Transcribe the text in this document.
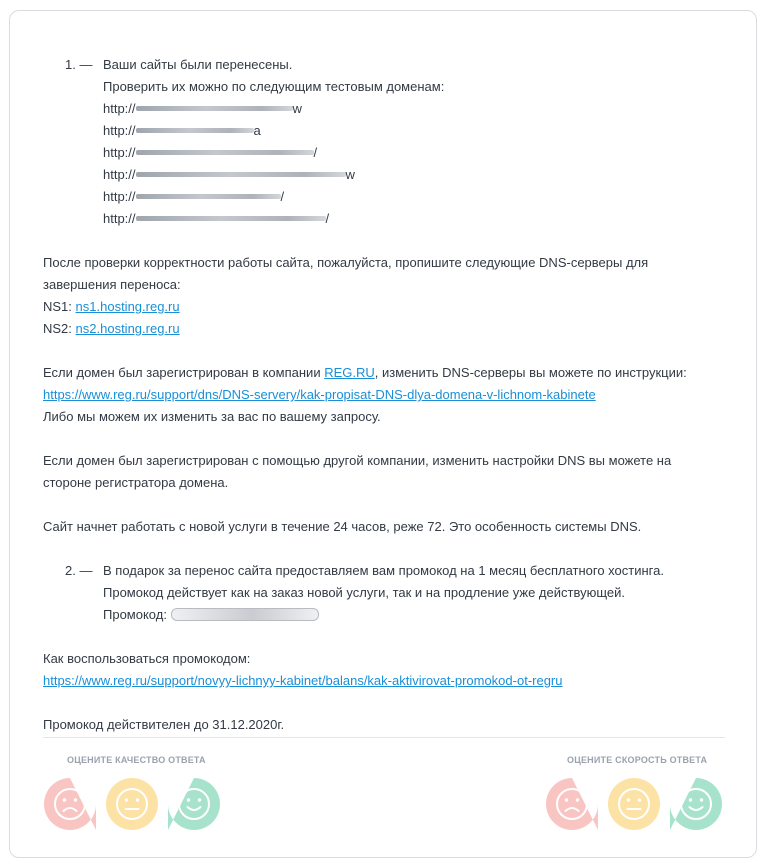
1. — Ваши сайты были перенесены.
Проверить их можно по следующим тестовым доменам:
http://	w
http://	a
http://	/
http://	w
http://	/
http://	/
После проверки корректности работы сайта, пожалуйста, пропишите следующие DNS-серверы для
завершения переноса:
NS1: ns1.hosting.reg.ru
NS2: ns2.hosting.reg.ru
Если домен был зарегистрирован в компании REG.RU, изменить DNS-серверы вы можете по инструкции:
https://www.reg.ru/support/dns/DNS-servery/kak-propisat-DNS-dlya-domena-v-lichnom-kabinete
Либо мы можем их изменить за вас по вашему запросу.
Если домен был зарегистрирован с помощью другой компании, изменить настройки DNS вы можете на
стороне регистратора домена.
Сайт начнет работать с новой услуги в течение 24 часов, реже 72. Это особенность системы DNS.
2. — В подарок за перенос сайта предоставляем вам промокод на 1 месяц бесплатного хостинга.
Промокод действует как на заказ новой услуги, так и на продление уже действующей.
Промокод:
Как воспользоваться промокодом:
https://www.reg.ru/support/novyy-lichnyy-kabinet/balans/kak-aktivirovat-promokod-ot-regru
Промокод действителен до 31.12.2020г.
ОЦЕНИТЕ КАЧЕСТВО ОТВЕТА	ОЦЕНИТЕ СКОРОСТЬ ОТВЕТА
